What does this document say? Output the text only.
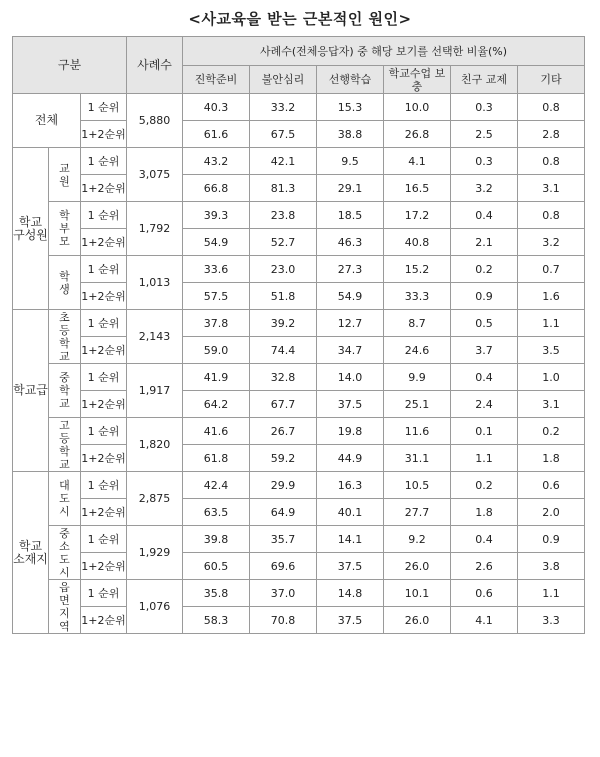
<사교육을 받는 근본적인 원인>
구분			사례수	사례수(전체응답자) 중 해당 보기를 선택한 비율(%)					
				진학준비	불안심리	선행학습	학교수업 보충	친구 교제	기타
전체		1 순위	5,880	40.3	33.2	15.3	10.0	0.3	0.8
		1+2순위		61.6	67.5	38.8	26.8	2.5	2.8
학교 구성원	교원	1 순위	3,075	43.2	42.1	9.5	4.1	0.3	0.8
		1+2순위		66.8	81.3	29.1	16.5	3.2	3.1
	학부모	1 순위	1,792	39.3	23.8	18.5	17.2	0.4	0.8
		1+2순위		54.9	52.7	46.3	40.8	2.1	3.2
	학생	1 순위	1,013	33.6	23.0	27.3	15.2	0.2	0.7
		1+2순위		57.5	51.8	54.9	33.3	0.9	1.6
학교급	초등학교	1 순위	2,143	37.8	39.2	12.7	8.7	0.5	1.1
		1+2순위		59.0	74.4	34.7	24.6	3.7	3.5
	중학교	1 순위	1,917	41.9	32.8	14.0	9.9	0.4	1.0
		1+2순위		64.2	67.7	37.5	25.1	2.4	3.1
	고등학교	1 순위	1,820	41.6	26.7	19.8	11.6	0.1	0.2
		1+2순위		61.8	59.2	44.9	31.1	1.1	1.8
학교 소재지	대도시	1 순위	2,875	42.4	29.9	16.3	10.5	0.2	0.6
		1+2순위		63.5	64.9	40.1	27.7	1.8	2.0
	중소도시	1 순위	1,929	39.8	35.7	14.1	9.2	0.4	0.9
		1+2순위		60.5	69.6	37.5	26.0	2.6	3.8
	읍면지역	1 순위	1,076	35.8	37.0	14.8	10.1	0.6	1.1
		1+2순위		58.3	70.8	37.5	26.0	4.1	3.3
